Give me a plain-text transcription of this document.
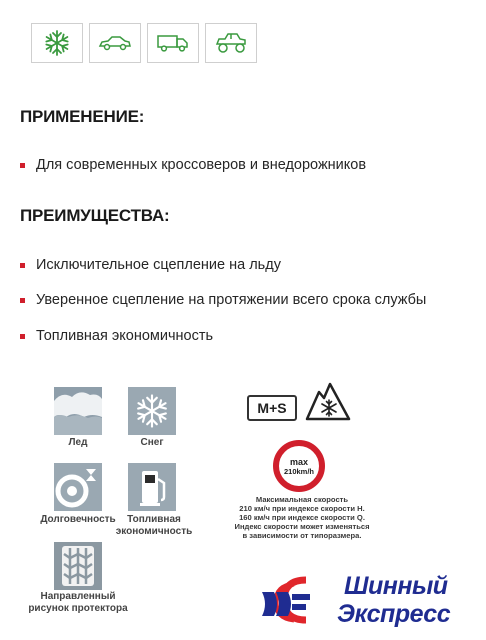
ПРИМЕНЕНИЕ:
Для современных кроссоверов и внедорожников
ПРЕИМУЩЕСТВА:
Исключительное сцепление на льду
Уверенное сцепление на протяжении всего срока службы
Топливная экономичность
Лед	Снег
Долговечность	Топливная
экономичность
Направленный
рисунок протектора
M+S
max
210km/h
Максимальная скорость
210 км/ч при индексе скорости H.
160 км/ч при индексе скорости Q.
Индекс скорости может изменяться
в зависимости от типоразмера.
Шинный
Экспресс
